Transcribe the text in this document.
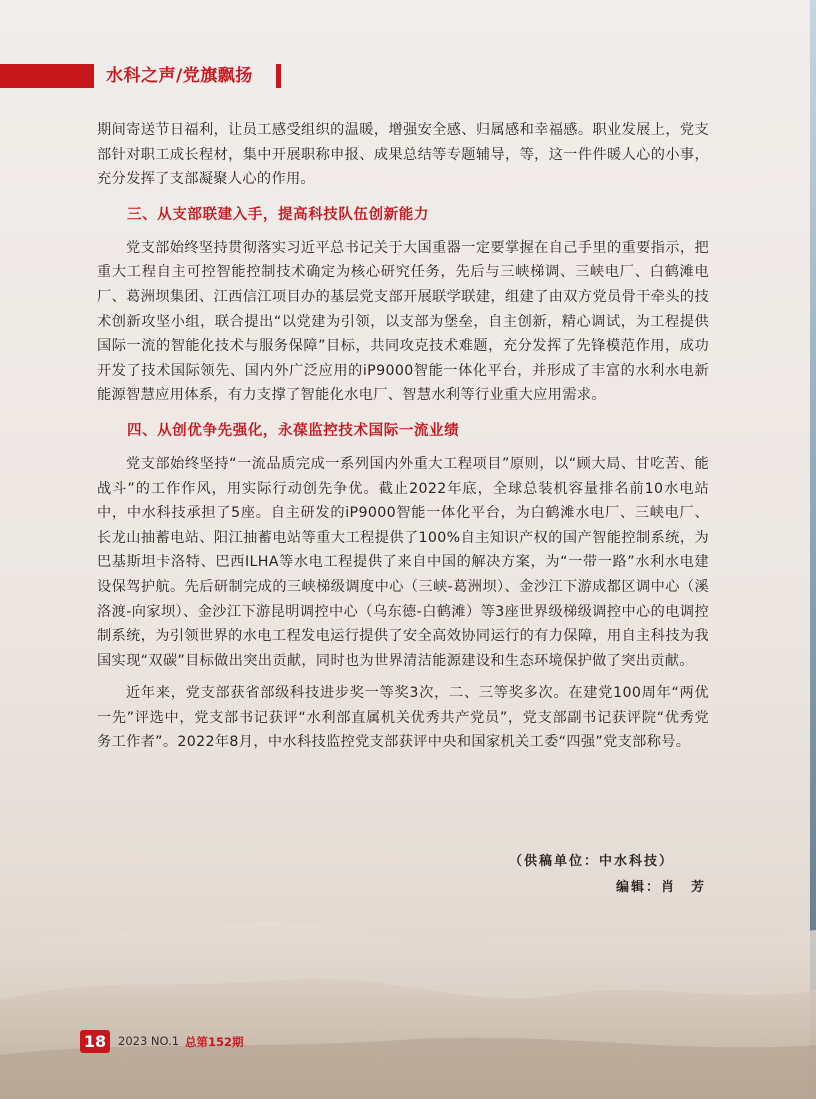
水科之声/党旗飘扬

期间寄送节日福利，让员工感受组织的温暖，增强安全感、归属感和幸福感。职业发展上，党支部针对职工成长程材，集中开展职称申报、成果总结等专题辅导，等，这一件件暖人心的小事，充分发挥了支部凝聚人心的作用。

三、从支部联建入手，提高科技队伍创新能力

党支部始终坚持贯彻落实习近平总书记关于大国重器一定要掌握在自己手里的重要指示，把重大工程自主可控智能控制技术确定为核心研究任务，先后与三峡梯调、三峡电厂、白鹤滩电厂、葛洲坝集团、江西信江项目办的基层党支部开展联学联建，组建了由双方党员骨干牵头的技术创新攻坚小组，联合提出“以党建为引领，以支部为堡垒，自主创新，精心调试，为工程提供国际一流的智能化技术与服务保障”目标，共同攻克技术难题，充分发挥了先锋模范作用，成功开发了技术国际领先、国内外广泛应用的iP9000智能一体化平台，并形成了丰富的水利水电新能源智慧应用体系，有力支撑了智能化水电厂、智慧水利等行业重大应用需求。

四、从创优争先强化，永葆监控技术国际一流业绩

党支部始终坚持“一流品质完成一系列国内外重大工程项目”原则，以“顾大局、甘吃苦、能战斗”的工作作风，用实际行动创先争优。截止2022年底，全球总装机容量排名前10水电站中，中水科技承担了5座。自主研发的iP9000智能一体化平台，为白鹤滩水电厂、三峡电厂、长龙山抽蓄电站、阳江抽蓄电站等重大工程提供了100%自主知识产权的国产智能控制系统，为巴基斯坦卡洛特、巴西ILHA等水电工程提供了来自中国的解决方案，为“一带一路”水利水电建设保驾护航。先后研制完成的三峡梯级调度中心（三峡-葛洲坝）、金沙江下游成都区调中心（溪洛渡-向家坝）、金沙江下游昆明调控中心（乌东德-白鹤滩）等3座世界级梯级调控中心的电调控制系统，为引领世界的水电工程发电运行提供了安全高效协同运行的有力保障，用自主科技为我国实现“双碳”目标做出突出贡献，同时也为世界清洁能源建设和生态环境保护做了突出贡献。

近年来，党支部获省部级科技进步奖一等奖3次，二、三等奖多次。在建党100周年“两优一先”评选中，党支部书记获评“水利部直属机关优秀共产党员”，党支部副书记获评院“优秀党务工作者”。2022年8月，中水科技监控党支部获评中央和国家机关工委“四强”党支部称号。

（供稿单位：中水科技）
编辑：肖　芳
18	2023 NO.1 总第152期
